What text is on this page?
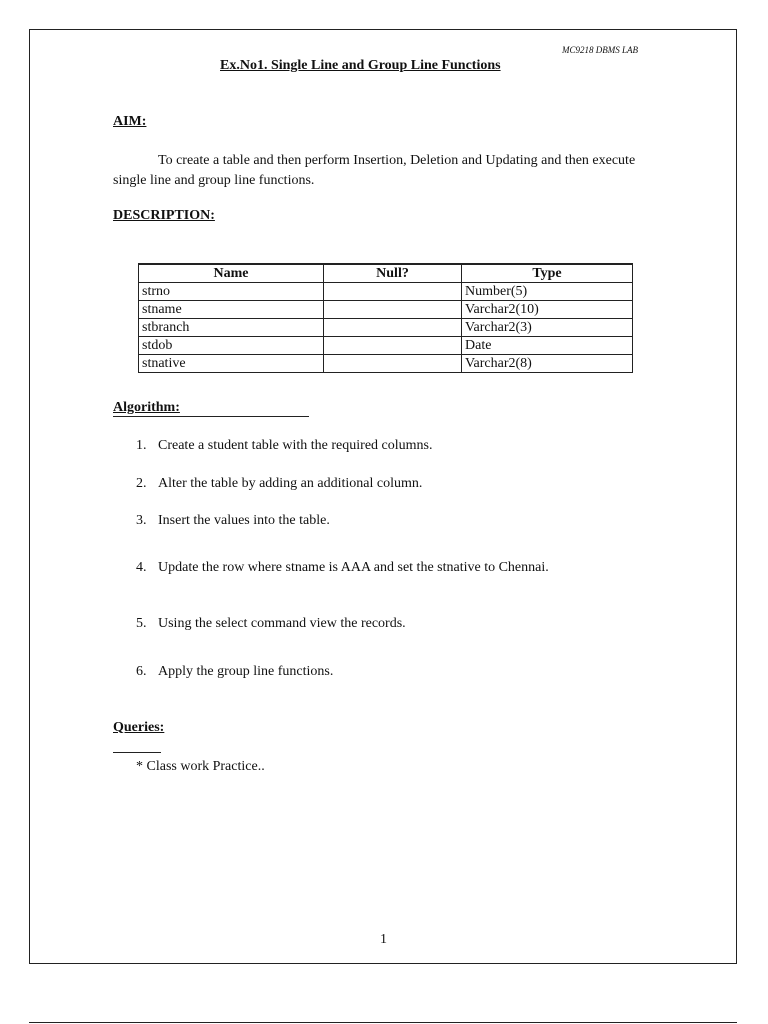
MC9218 DBMS LAB
Ex.No1. Single Line and Group Line Functions
AIM:
To create a table and then perform Insertion, Deletion and Updating and then execute single line and group line functions.
DESCRIPTION:
Name	Null?	Type
strno		Number(5)
stname		Varchar2(10)
stbranch		Varchar2(3)
stdob		Date
stnative		Varchar2(8)
Algorithm:
1. Create a student table with the required columns.
2. Alter the table by adding an additional column.
3. Insert the values into the table.
4. Update the row where stname is AAA and set the stnative to Chennai.
5. Using the select command view the records.
6. Apply the group line functions.
Queries:
* Class work Practice..
1
